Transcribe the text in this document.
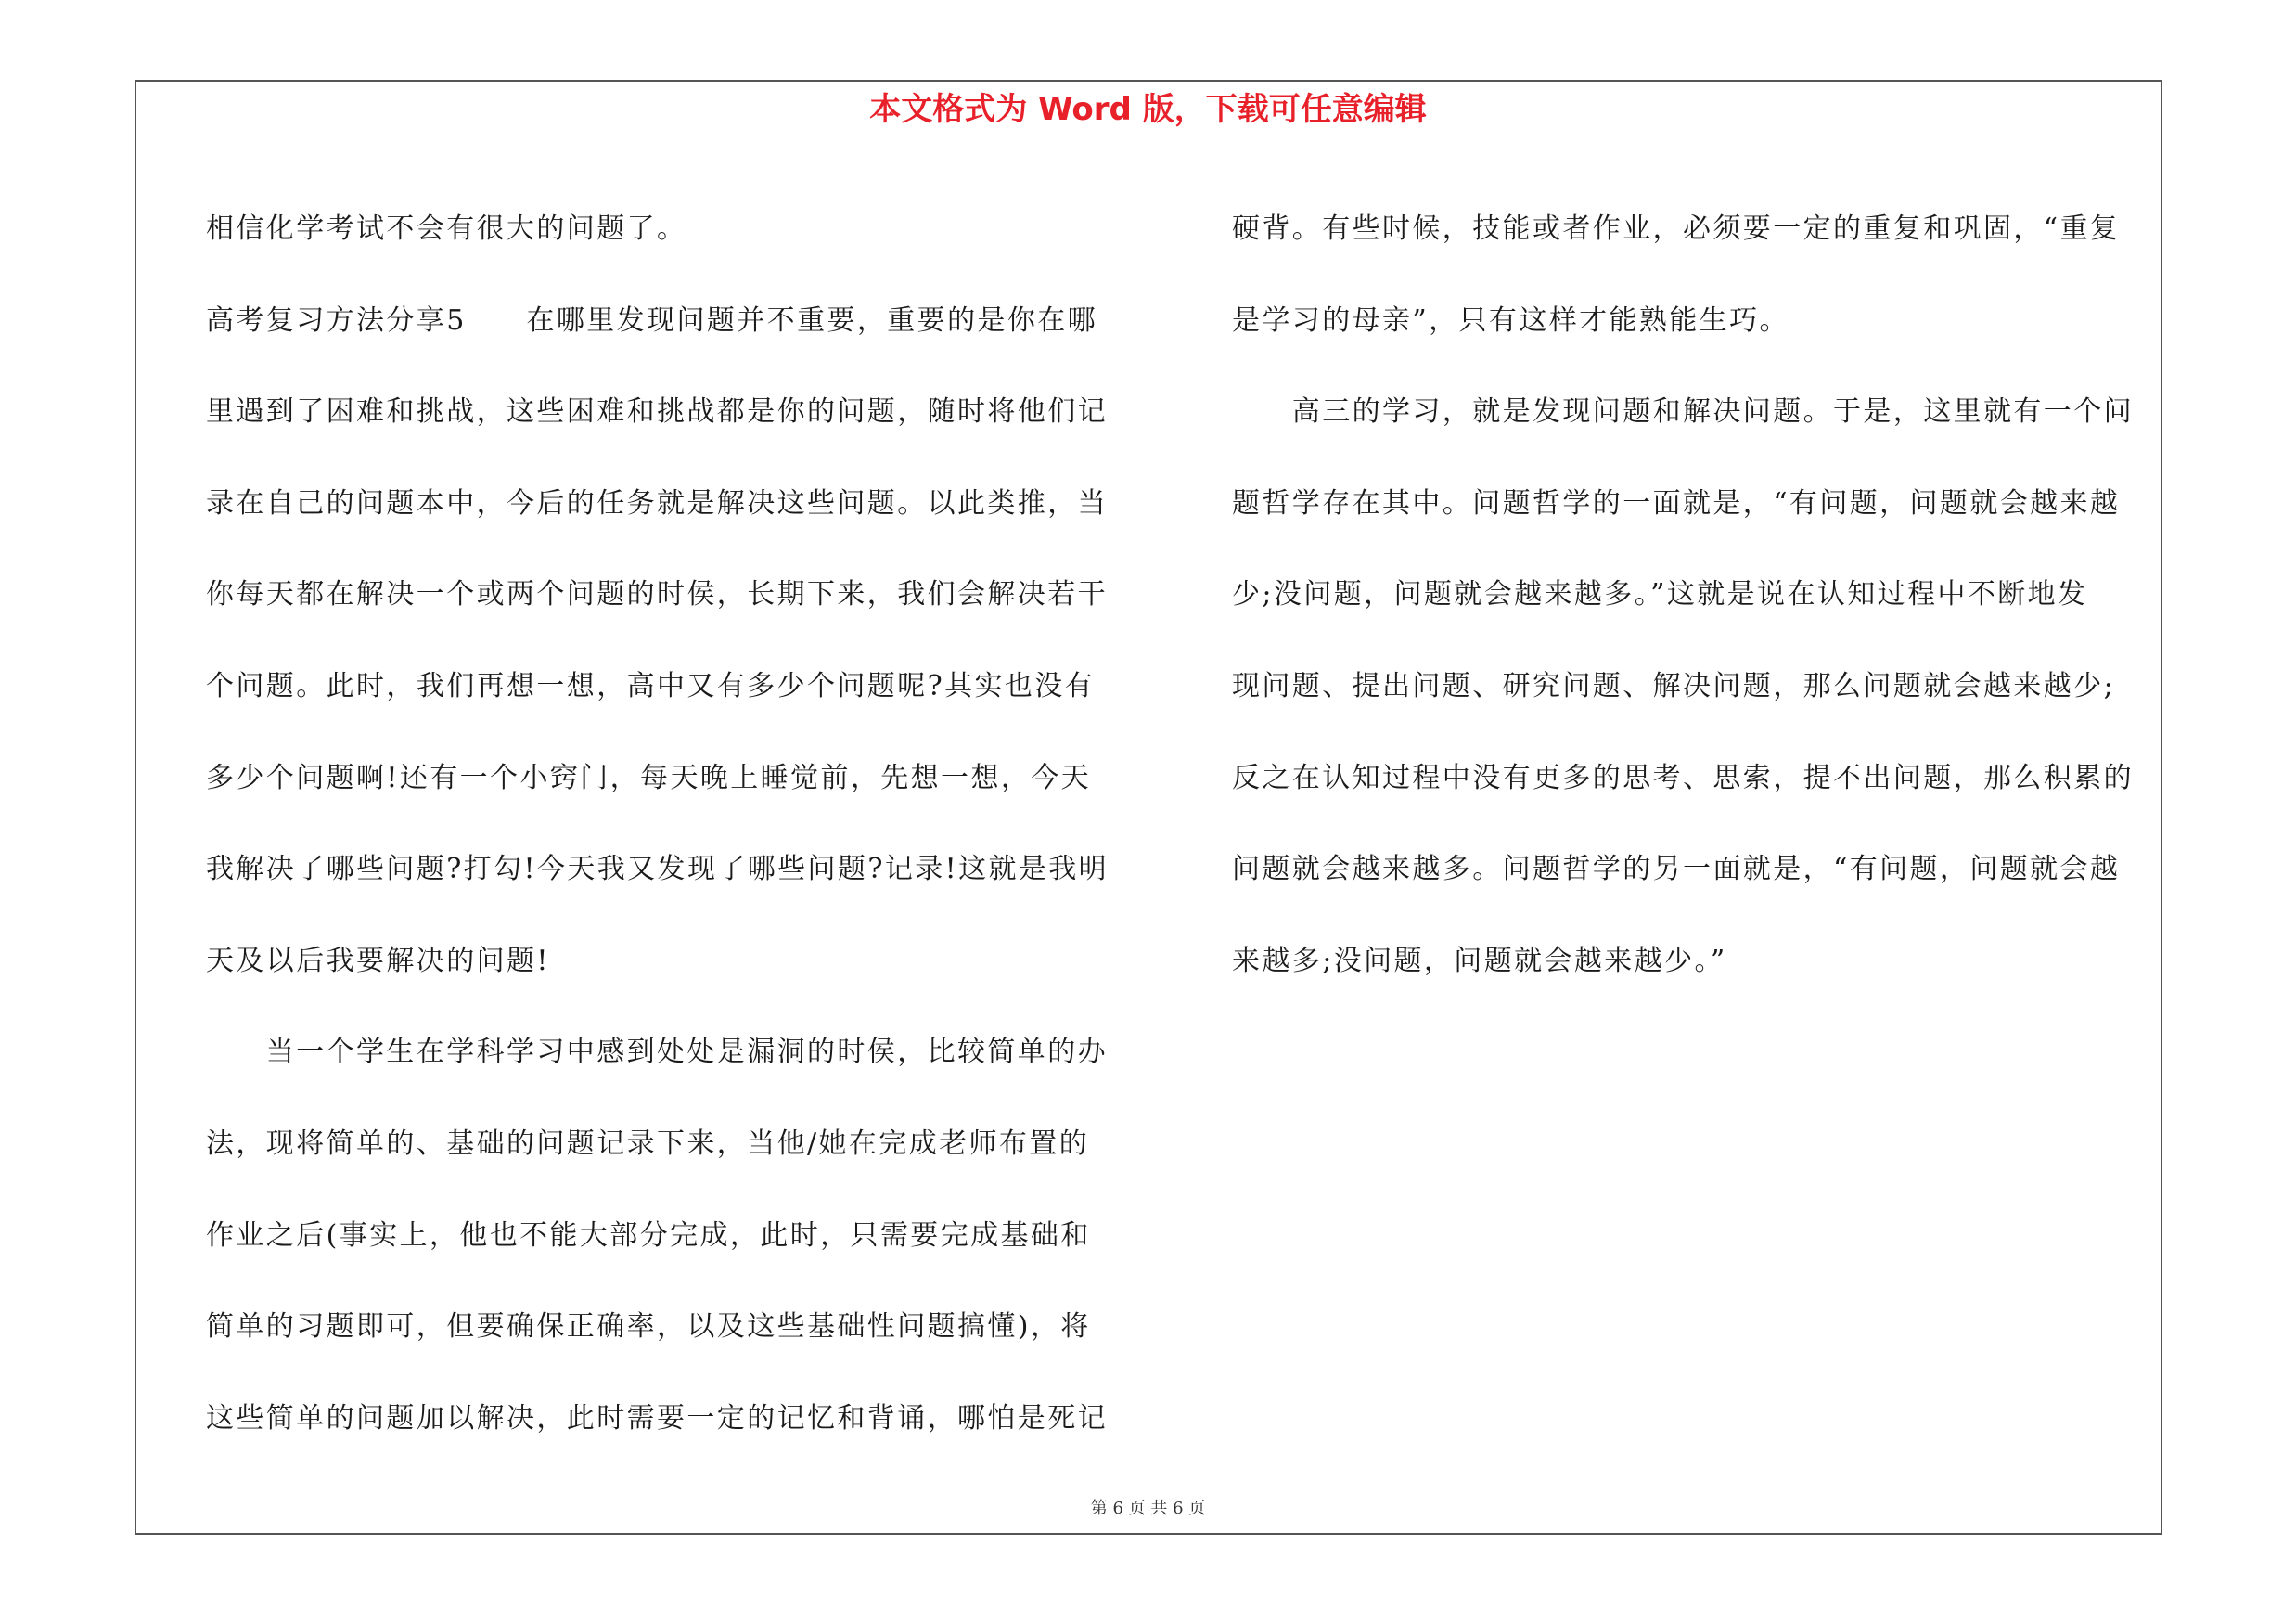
本文格式为 Word 版，下载可任意编辑
相信化学考试不会有很大的问题了。
高考复习方法分享5　　在哪里发现问题并不重要，重要的是你在哪
里遇到了困难和挑战，这些困难和挑战都是你的问题，随时将他们记
录在自己的问题本中，今后的任务就是解决这些问题。以此类推，当
你每天都在解决一个或两个问题的时侯，长期下来，我们会解决若干
个问题。此时，我们再想一想，高中又有多少个问题呢?其实也没有
多少个问题啊!还有一个小窍门，每天晚上睡觉前，先想一想，今天
我解决了哪些问题?打勾!今天我又发现了哪些问题?记录!这就是我明
天及以后我要解决的问题!
　　当一个学生在学科学习中感到处处是漏洞的时侯，比较简单的办
法，现将简单的、基础的问题记录下来，当他/她在完成老师布置的
作业之后(事实上，他也不能大部分完成，此时，只需要完成基础和
简单的习题即可，但要确保正确率，以及这些基础性问题搞懂)，将
这些简单的问题加以解决，此时需要一定的记忆和背诵，哪怕是死记
硬背。有些时候，技能或者作业，必须要一定的重复和巩固，“重复
是学习的母亲”，只有这样才能熟能生巧。
　　高三的学习，就是发现问题和解决问题。于是，这里就有一个问
题哲学存在其中。问题哲学的一面就是，“有问题，问题就会越来越
少;没问题，问题就会越来越多。”这就是说在认知过程中不断地发
现问题、提出问题、研究问题、解决问题，那么问题就会越来越少;
反之在认知过程中没有更多的思考、思索，提不出问题，那么积累的
问题就会越来越多。问题哲学的另一面就是，“有问题，问题就会越
来越多;没问题，问题就会越来越少。”
第 6 页 共 6 页
